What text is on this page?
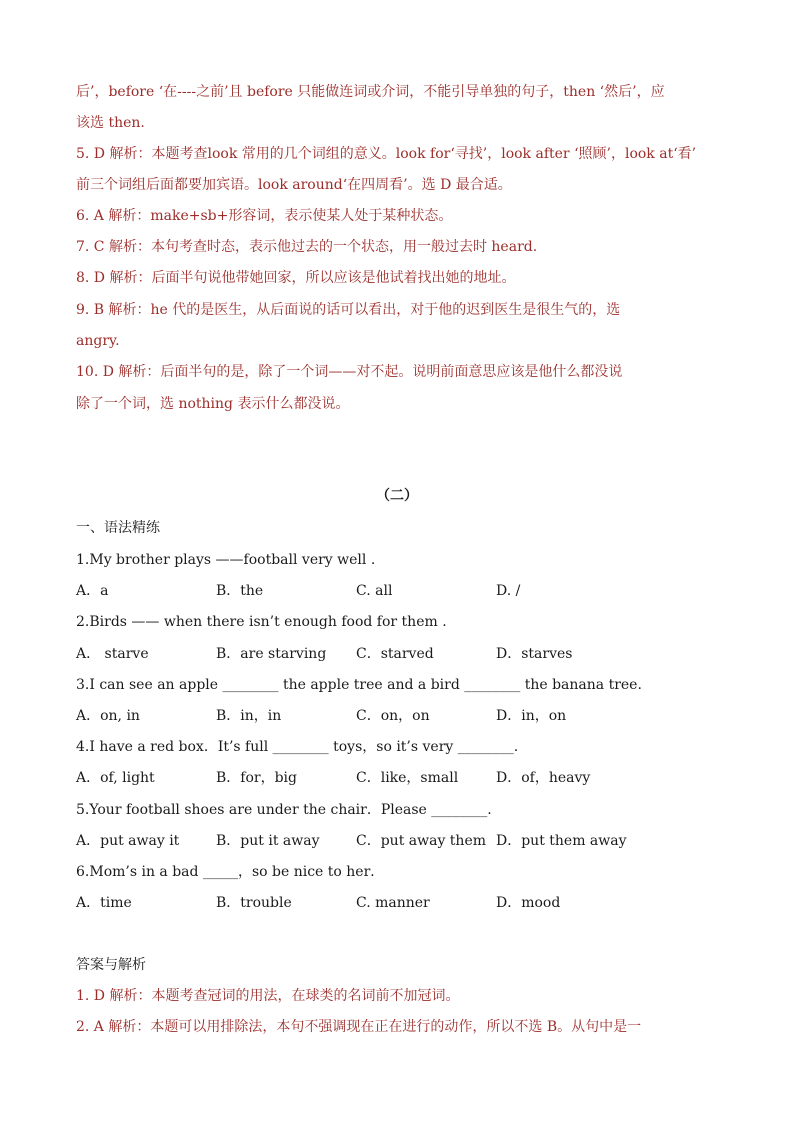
后’，before ‘在----之前’且 before 只能做连词或介词，不能引导单独的句子，then ‘然后’，应
该选 then.
5. D 解析：本题考查look 常用的几个词组的意义。look for‘寻找’，look after ‘照顾’，look at‘看’
前三个词组后面都要加宾语。look around‘在四周看’。选 D 最合适。
6. A 解析：make+sb+形容词，表示使某人处于某种状态。
7. C 解析：本句考查时态，表示他过去的一个状态，用一般过去时 heard.
8. D 解析：后面半句说他带她回家，所以应该是他试着找出她的地址。
9. B 解析：he 代的是医生，从后面说的话可以看出，对于他的迟到医生是很生气的，选
angry.
10. D 解析：后面半句的是，除了一个词——对不起。说明前面意思应该是他什么都没说
除了一个词，选 nothing 表示什么都没说。
（二）
一、语法精练
1.My brother plays ——football very well .
A．a	B．the	C. all	D. /
2.Birds —— when there isn’t enough food for them .
A． starve	B．are starving C．starved	D．starves
3.I can see an apple ________ the apple tree and a bird ________ the banana tree.
A．on, in	B．in，in	C．on，on	D．in，on
4.I have a red box．It’s full ________ toys，so it’s very ________.
A．of, light	B．for，big	C．like，small	D．of，heavy
5.Your football shoes are under the chair．Please ________.
A．put away it	B．put it away	C．put away them D．put them away
6.Mom’s in a bad _____，so be nice to her．
A．time	B．trouble	C. manner	D．mood
答案与解析
1. D 解析：本题考查冠词的用法，在球类的名词前不加冠词。
2. A 解析：本题可以用排除法，本句不强调现在正在进行的动作，所以不选 B。从句中是一
